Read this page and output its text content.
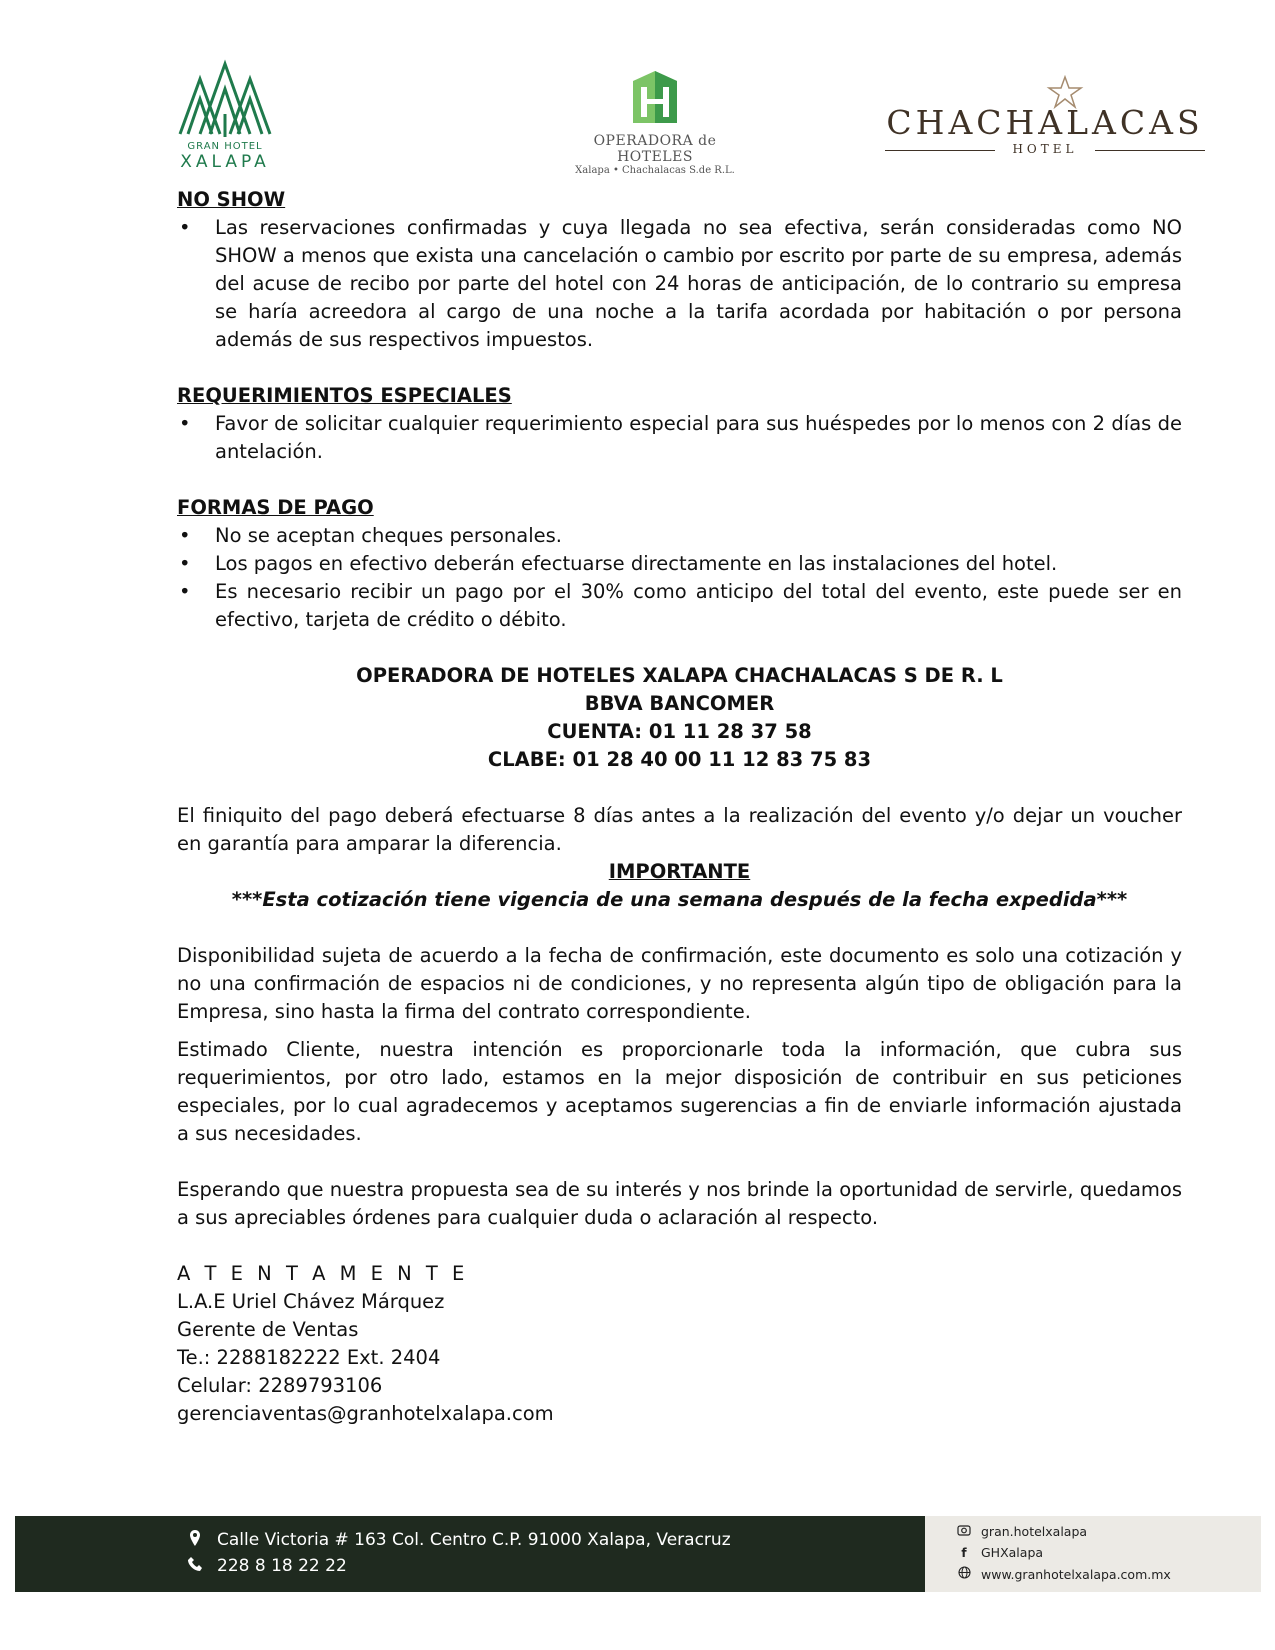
GRAN HOTEL
XALAPA
OPERADORA de HOTELES
Xalapa • Chachalacas S.de R.L.
CHACHALACAS
HOTEL
NO SHOW
• Las reservaciones confirmadas y cuya llegada no sea efectiva, serán consideradas como NO SHOW a menos que exista una cancelación o cambio por escrito por parte de su empresa, además del acuse de recibo por parte del hotel con 24 horas de anticipación, de lo contrario su empresa se haría acreedora al cargo de una noche a la tarifa acordada por habitación o por persona además de sus respectivos impuestos.
REQUERIMIENTOS ESPECIALES
• Favor de solicitar cualquier requerimiento especial para sus huéspedes por lo menos con 2 días de antelación.
FORMAS DE PAGO
• No se aceptan cheques personales.
• Los pagos en efectivo deberán efectuarse directamente en las instalaciones del hotel.
• Es necesario recibir un pago por el 30% como anticipo del total del evento, este puede ser en efectivo, tarjeta de crédito o débito.
OPERADORA DE HOTELES XALAPA CHACHALACAS S DE R. L
BBVA BANCOMER
CUENTA: 01 11 28 37 58
CLABE: 01 28 40 00 11 12 83 75 83
El finiquito del pago deberá efectuarse 8 días antes a la realización del evento y/o dejar un voucher en garantía para amparar la diferencia.
IMPORTANTE
***Esta cotización tiene vigencia de una semana después de la fecha expedida***
Disponibilidad sujeta de acuerdo a la fecha de confirmación, este documento es solo una cotización y no una confirmación de espacios ni de condiciones, y no representa algún tipo de obligación para la Empresa, sino hasta la firma del contrato correspondiente.
Estimado Cliente, nuestra intención es proporcionarle toda la información, que cubra sus requerimientos, por otro lado, estamos en la mejor disposición de contribuir en sus peticiones especiales, por lo cual agradecemos y aceptamos sugerencias a fin de enviarle información ajustada a sus necesidades.
Esperando que nuestra propuesta sea de su interés y nos brinde la oportunidad de servirle, quedamos a sus apreciables órdenes para cualquier duda o aclaración al respecto.
A T E N T A M E N T E
L.A.E Uriel Chávez Márquez
Gerente de Ventas
Te.: 2288182222 Ext. 2404
Celular: 2289793106
gerenciaventas@granhotelxalapa.com
Calle Victoria # 163 Col. Centro C.P. 91000 Xalapa, Veracruz
228 8 18 22 22
gran.hotelxalapa
f	GHXalapa
www.granhotelxalapa.com.mx
